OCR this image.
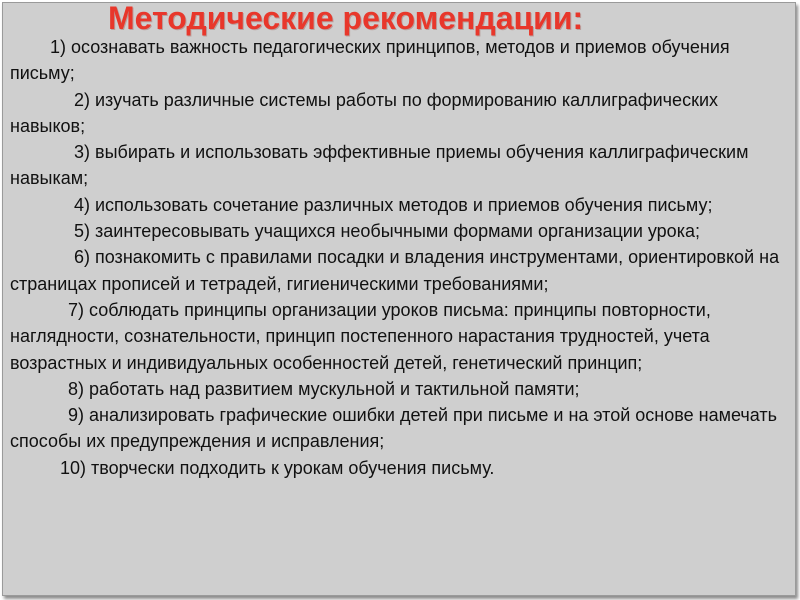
Методические рекомендации:

1) осознавать важность педагогических принципов, методов и приемов обучения письму;

2) изучать различные системы работы по формированию каллиграфических навыков;

3) выбирать и использовать эффективные приемы обучения каллиграфическим навыкам;

4) использовать сочетание различных методов и приемов обучения письму;

5) заинтересовывать учащихся необычными формами организации урока;

6) познакомить с правилами посадки и владения инструментами, ориентировкой на страницах прописей и тетрадей, гигиеническими требованиями;

7) соблюдать принципы организации уроков письма: принципы повторности, наглядности, сознательности, принцип постепенного нарастания трудностей, учета возрастных и индивидуальных особенностей детей, генетический принцип;

8) работать над развитием мускульной и тактильной памяти;

9) анализировать графические ошибки детей при письме и на этой основе намечать способы их предупреждения и исправления;

10) творчески подходить к урокам обучения письму.
